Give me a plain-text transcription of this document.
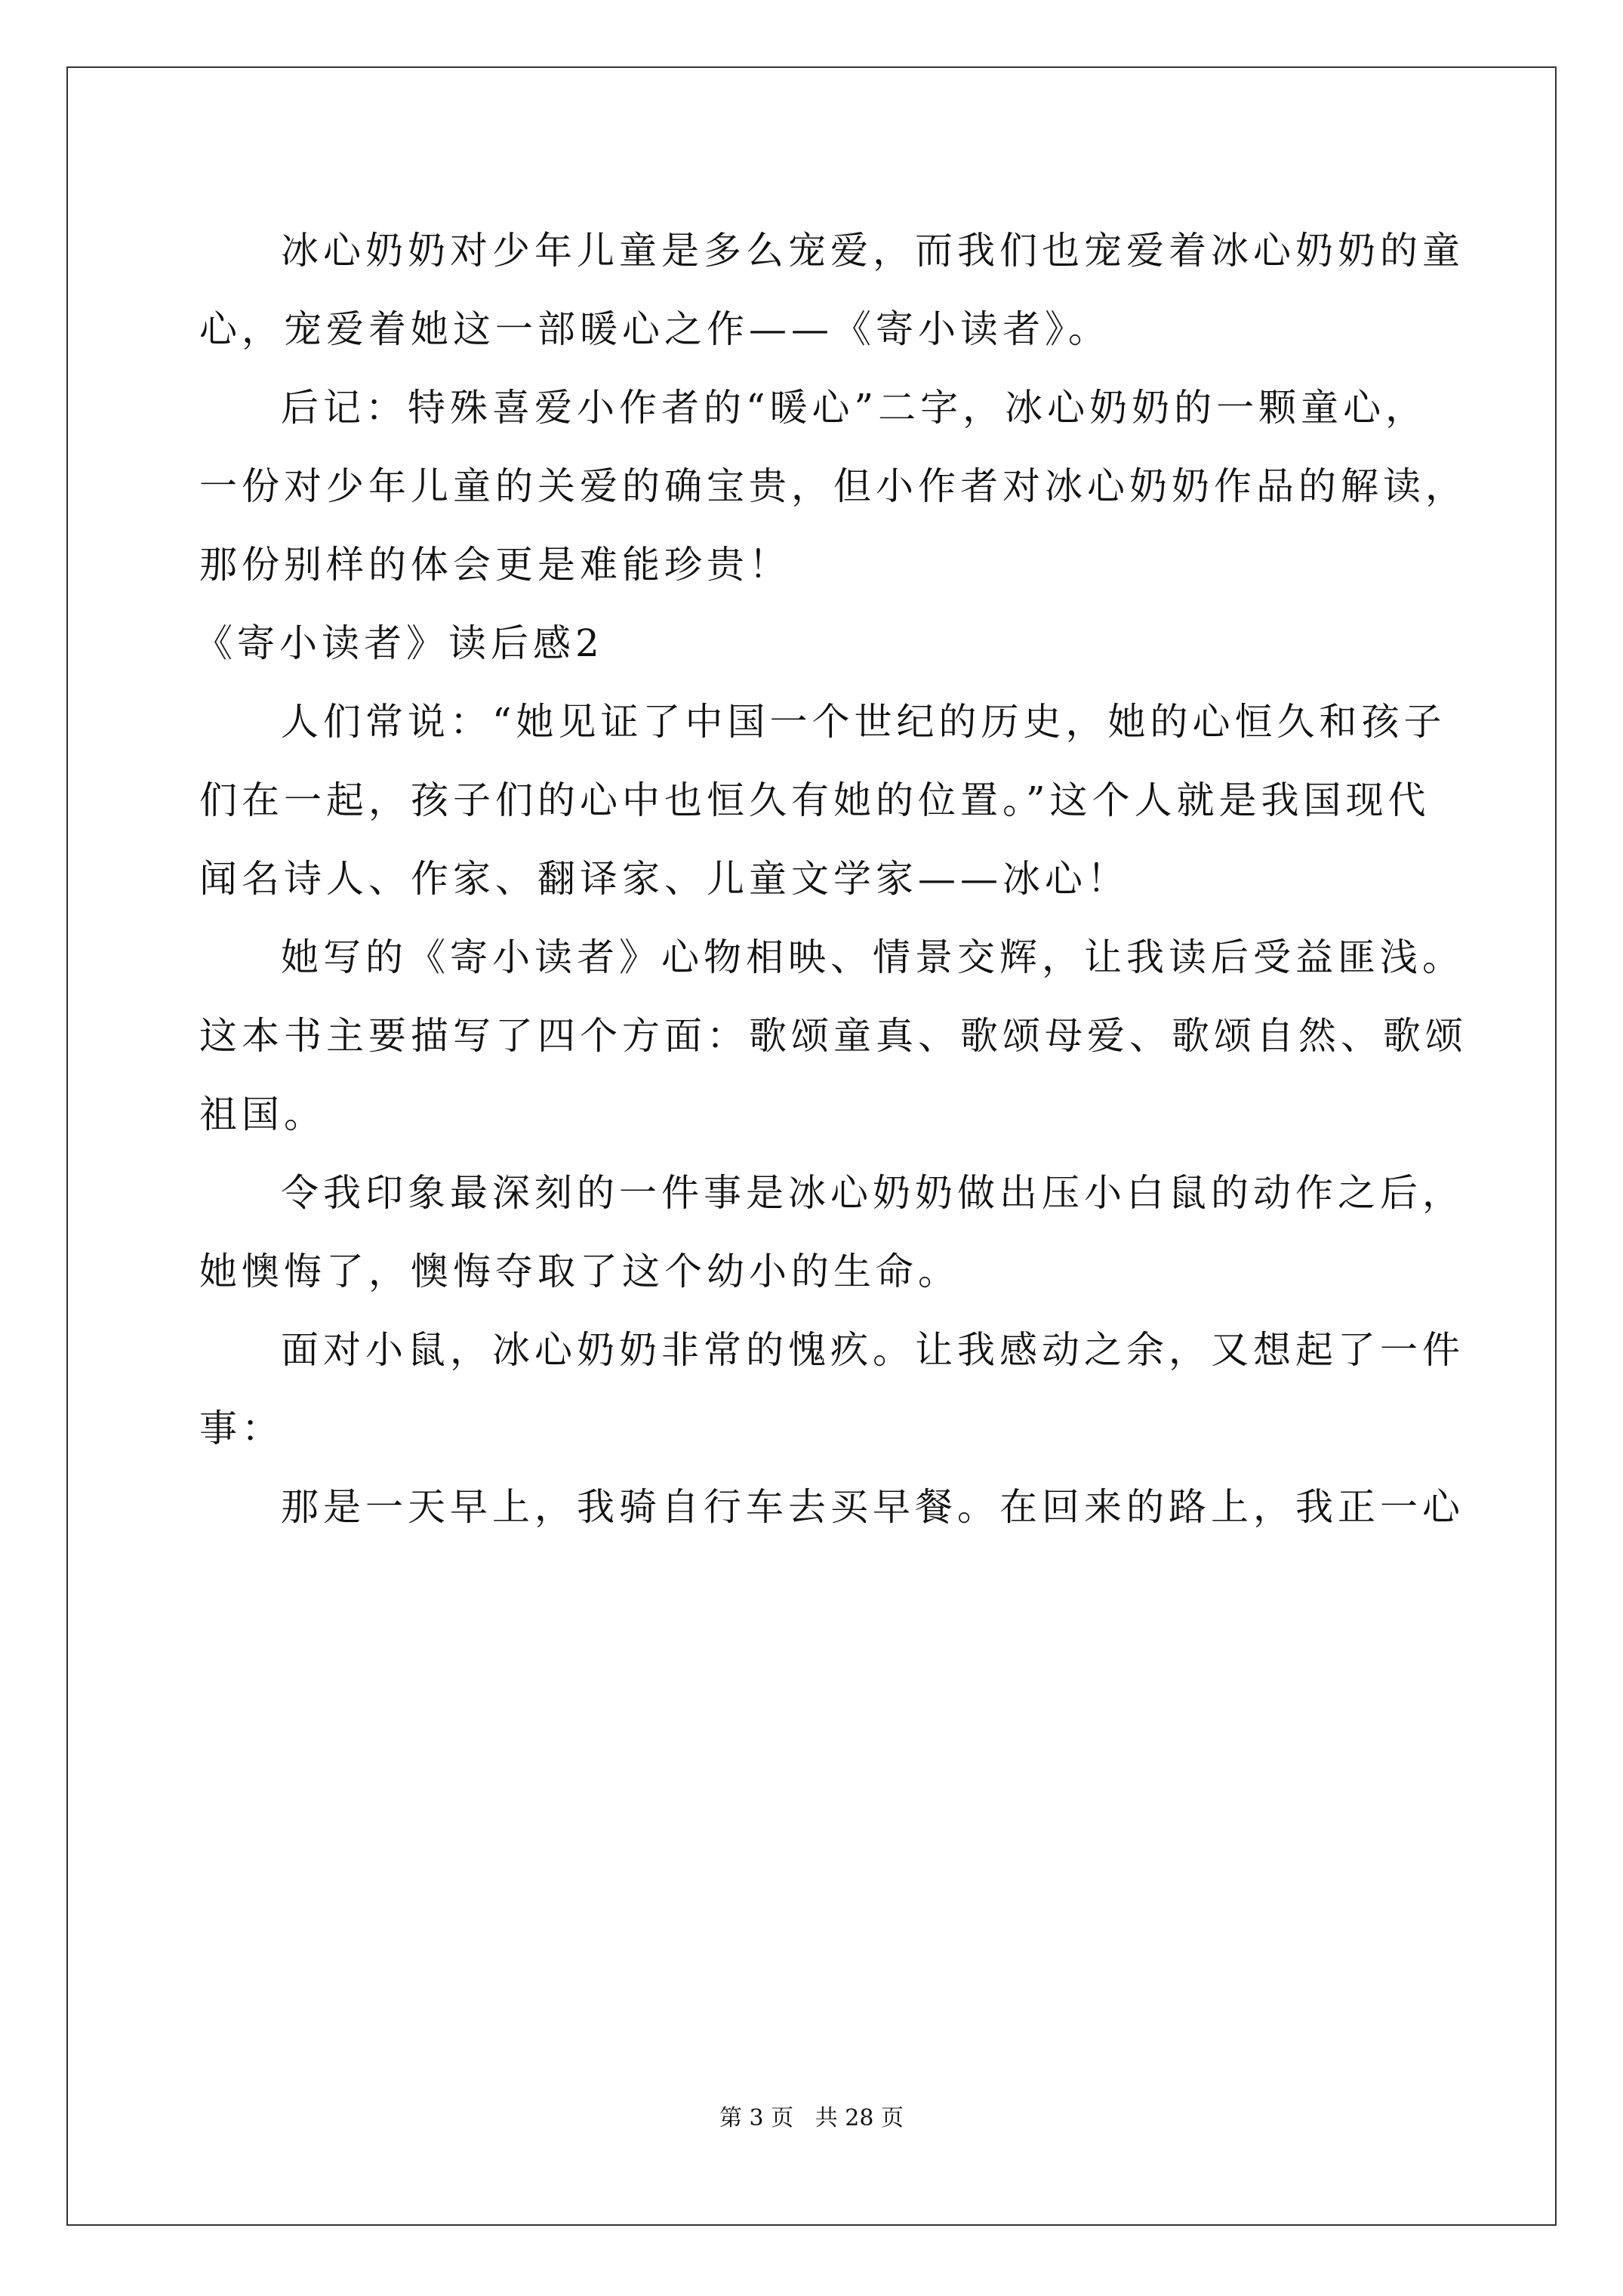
冰心奶奶对少年儿童是多么宠爱，而我们也宠爱着冰心奶奶的童
心，宠爱着她这一部暖心之作——《寄小读者》。
后记：特殊喜爱小作者的“暖心”二字，冰心奶奶的一颗童心，
一份对少年儿童的关爱的确宝贵，但小作者对冰心奶奶作品的解读，
那份别样的体会更是难能珍贵！
《寄小读者》读后感2
人们常说：“她见证了中国一个世纪的历史，她的心恒久和孩子
们在一起，孩子们的心中也恒久有她的位置。”这个人就是我国现代
闻名诗人、作家、翻译家、儿童文学家——冰心！
她写的《寄小读者》心物相映、情景交辉，让我读后受益匪浅。
这本书主要描写了四个方面：歌颂童真、歌颂母爱、歌颂自然、歌颂
祖国。
令我印象最深刻的一件事是冰心奶奶做出压小白鼠的动作之后，
她懊悔了，懊悔夺取了这个幼小的生命。
面对小鼠，冰心奶奶非常的愧疚。让我感动之余，又想起了一件
事：
那是一天早上，我骑自行车去买早餐。在回来的路上，我正一心
第 3 页   共 28 页
